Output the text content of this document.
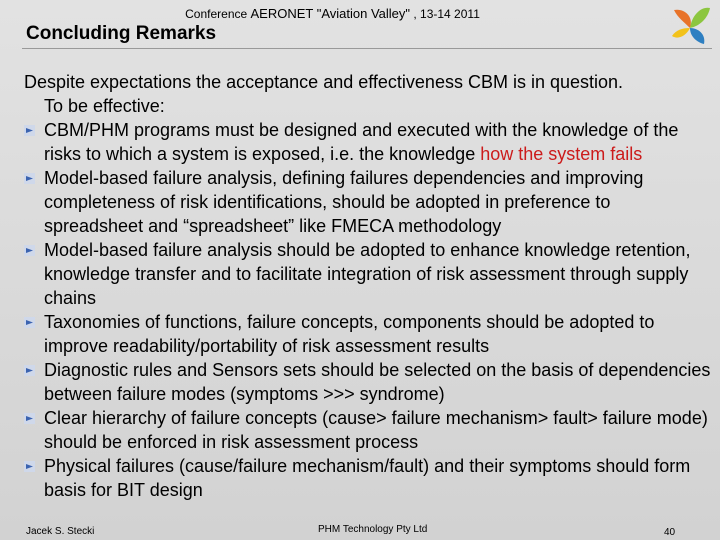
Conference AERONET "Aviation Valley" , 13-14 2011
Concluding Remarks

Despite expectations the acceptance and effectiveness CBM is in question.

To be effective:

CBM/PHM programs must be designed and executed with the knowledge of the risks to which a system is exposed, i.e. the knowledge how the system fails
Model-based failure analysis, defining failures dependencies and improving completeness of risk identifications, should be adopted in preference to spreadsheet and “spreadsheet” like FMECA methodology
Model-based failure analysis should be adopted to enhance knowledge retention, knowledge transfer and to facilitate integration of risk assessment through supply chains
Taxonomies of functions, failure concepts, components should be adopted to improve readability/portability of risk assessment results
Diagnostic rules and Sensors sets should be selected on the basis of dependencies between failure modes (symptoms >>> syndrome)
Clear hierarchy of failure concepts (cause> failure mechanism> fault> failure mode) should be enforced in risk assessment process
Physical failures (cause/failure mechanism/fault) and their symptoms should form basis for BIT design
Jacek S. Stecki	PHM Technology Pty Ltd	40
